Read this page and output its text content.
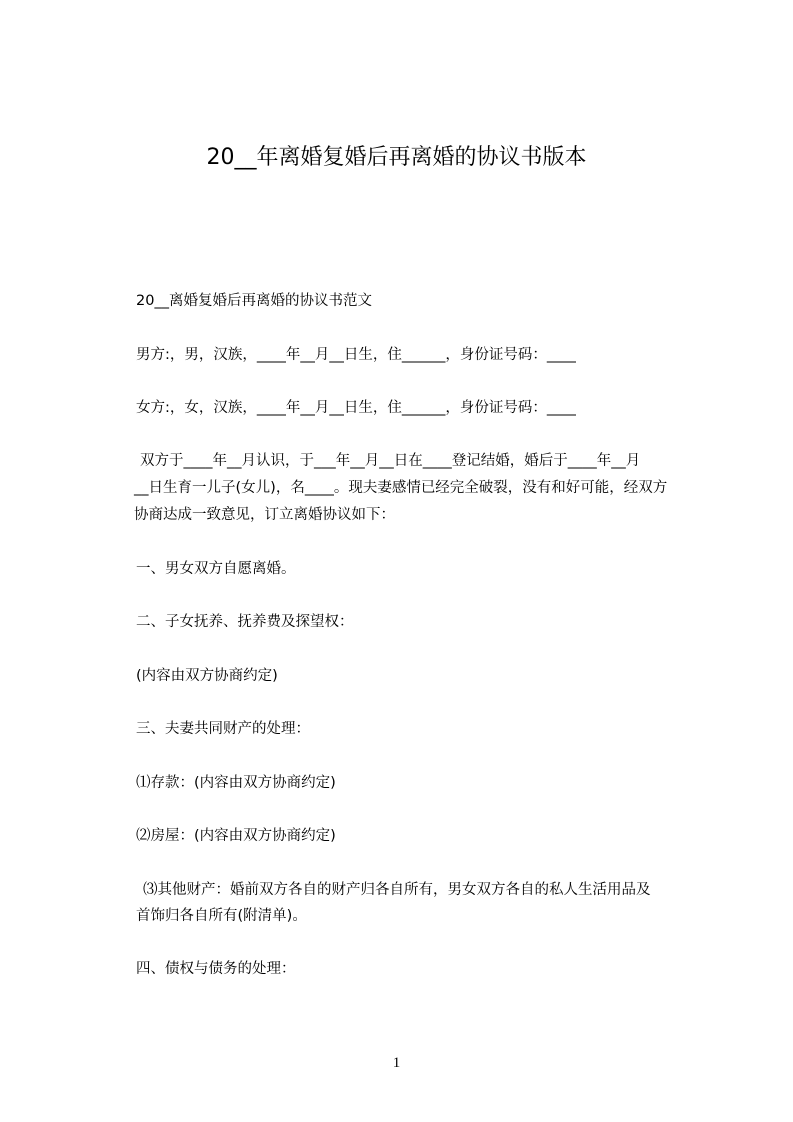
20__年离婚复婚后再离婚的协议书版本
20__离婚复婚后再离婚的协议书范文
男方:，男，汉族，____年__月__日生，住______，身份证号码：____
女方:，女，汉族，____年__月__日生，住______，身份证号码：____
双方于____年__月认识，于___年__月__日在____登记结婚，婚后于____年__月
__日生育一儿子(女儿)，名____。现夫妻感情已经完全破裂，没有和好可能，经双方
协商达成一致意见，订立离婚协议如下：
一、男女双方自愿离婚。
二、子女抚养、抚养费及探望权：
(内容由双方协商约定)
三、夫妻共同财产的处理：
⑴存款：(内容由双方协商约定)
⑵房屋：(内容由双方协商约定)
⑶其他财产：婚前双方各自的财产归各自所有，男女双方各自的私人生活用品及
首饰归各自所有(附清单)。
四、债权与债务的处理：
1
